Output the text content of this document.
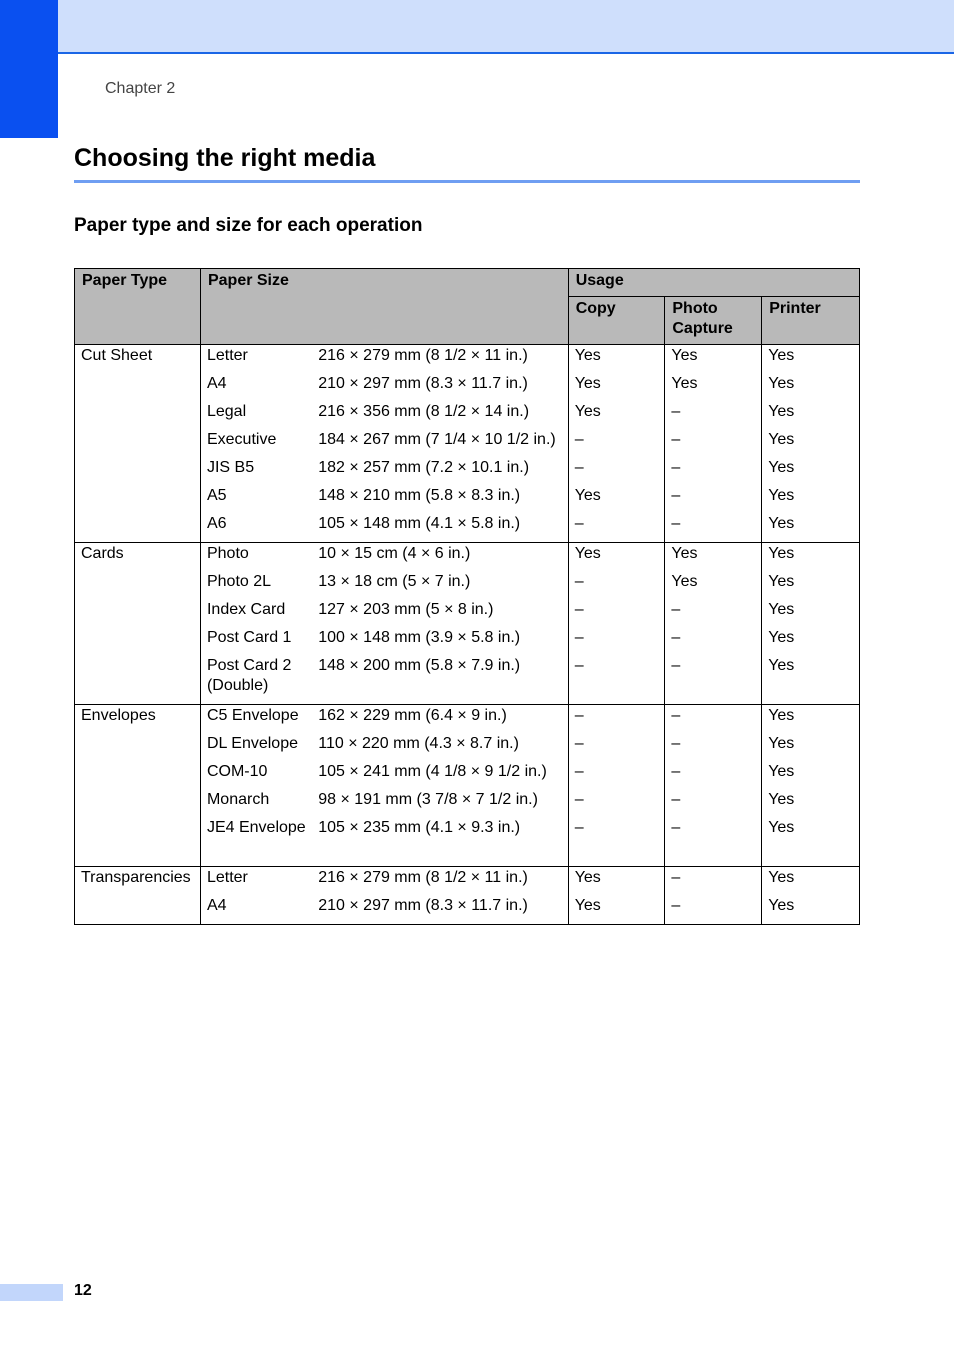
Chapter 2
Choosing the right media
Paper type and size for each operation
Paper Type	Paper Size		Usage		
			Copy	Photo Capture	Printer
Cut Sheet	Letter	216 × 279 mm (8 1/2 × 11 in.)	Yes	Yes	Yes
	A4	210 × 297 mm (8.3 × 11.7 in.)	Yes	Yes	Yes
	Legal	216 × 356 mm (8 1/2 × 14 in.)	Yes	–	Yes
	Executive	184 × 267 mm (7 1/4 × 10 1/2 in.)	–	–	Yes
	JIS B5	182 × 257 mm (7.2 × 10.1 in.)	–	–	Yes
	A5	148 × 210 mm (5.8 × 8.3 in.)	Yes	–	Yes
	A6	105 × 148 mm (4.1 × 5.8 in.)	–	–	Yes
Cards	Photo	10 × 15 cm (4 × 6 in.)	Yes	Yes	Yes
	Photo 2L	13 × 18 cm (5 × 7 in.)	–	Yes	Yes
	Index Card	127 × 203 mm (5 × 8 in.)	–	–	Yes
	Post Card 1	100 × 148 mm (3.9 × 5.8 in.)	–	–	Yes
	Post Card 2 (Double)	148 × 200 mm (5.8 × 7.9 in.)	–	–	Yes
Envelopes	C5 Envelope	162 × 229 mm (6.4 × 9 in.)	–	–	Yes
	DL Envelope	110 × 220 mm (4.3 × 8.7 in.)	–	–	Yes
	COM-10	105 × 241 mm (4 1/8 × 9 1/2 in.)	–	–	Yes
	Monarch	98 × 191 mm (3 7/8 × 7 1/2 in.)	–	–	Yes
	JE4 Envelope	105 × 235 mm (4.1 × 9.3 in.)	–	–	Yes
Transparencies	Letter	216 × 279 mm (8 1/2 × 11 in.)	Yes	–	Yes
	A4	210 × 297 mm (8.3 × 11.7 in.)	Yes	–	Yes
12
